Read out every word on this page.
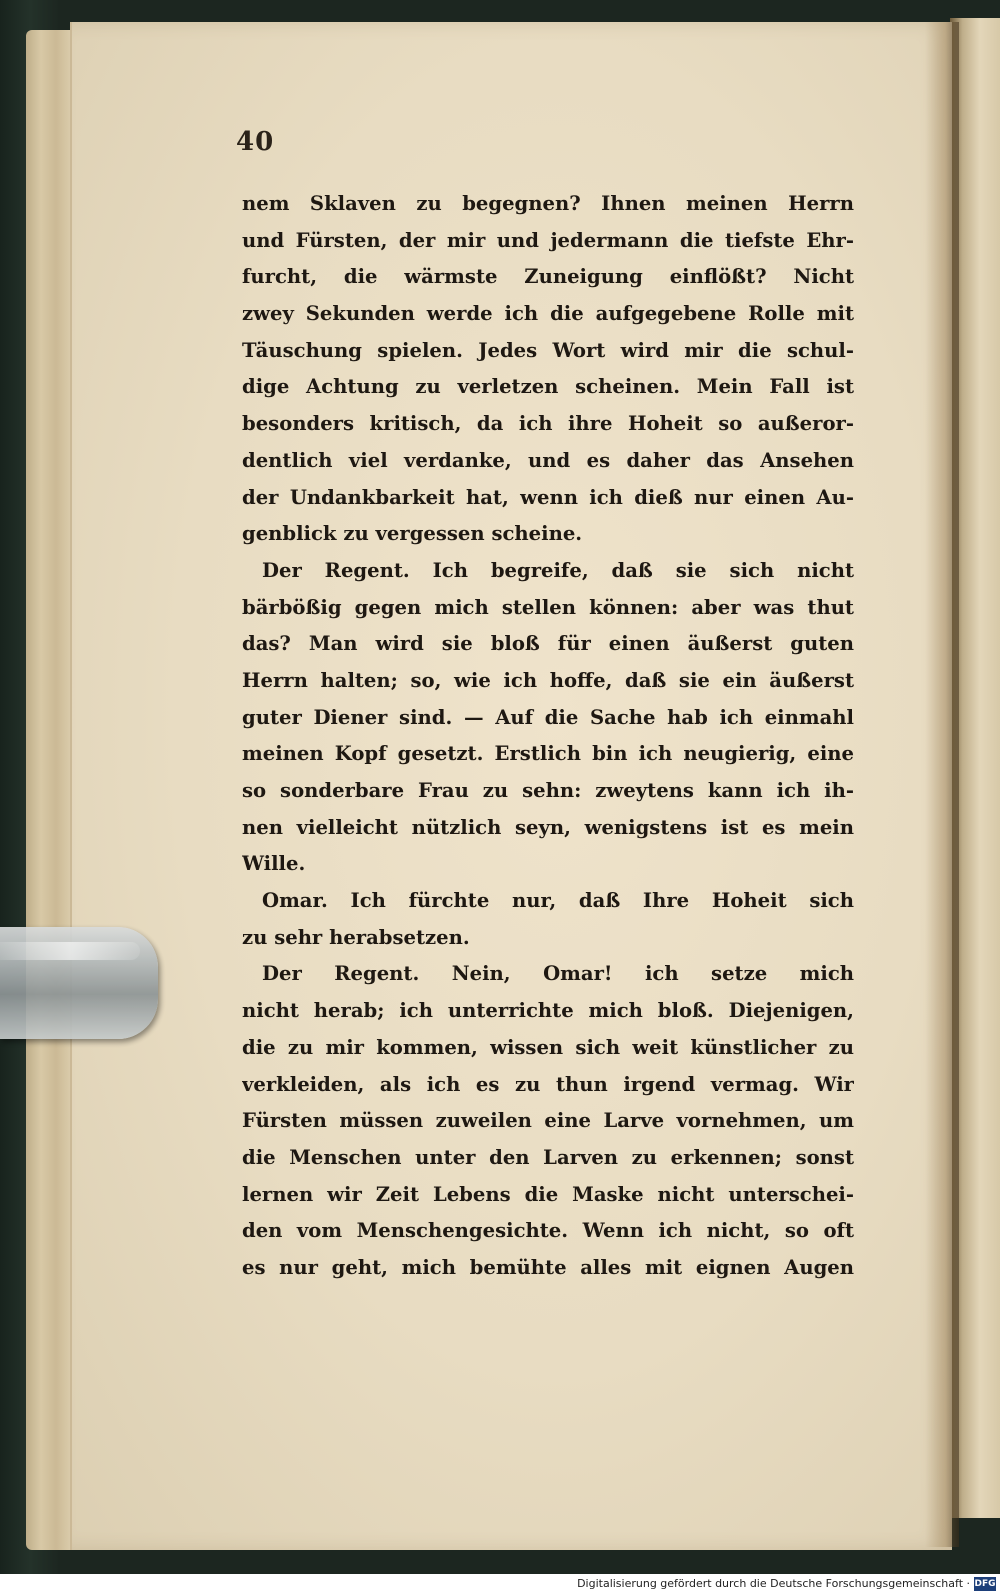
40
nem Sklaven zu begegnen? Ihnen meinen Herrn
und Fürsten, der mir und jedermann die tiefste Ehr-
furcht, die wärmste Zuneigung einflößt? Nicht
zwey Sekunden werde ich die aufgegebene Rolle mit
Täuschung spielen. Jedes Wort wird mir die schul-
dige Achtung zu verletzen scheinen. Mein Fall ist
besonders kritisch, da ich ihre Hoheit so außeror-
dentlich viel verdanke, und es daher das Ansehen
der Undankbarkeit hat, wenn ich dieß nur einen Au-
genblick zu vergessen scheine.
Der Regent. Ich begreife, daß sie sich nicht
bärbößig gegen mich stellen können: aber was thut
das? Man wird sie bloß für einen äußerst guten
Herrn halten; so, wie ich hoffe, daß sie ein äußerst
guter Diener sind. — Auf die Sache hab ich einmahl
meinen Kopf gesetzt. Erstlich bin ich neugierig, eine
so sonderbare Frau zu sehn: zweytens kann ich ih-
nen vielleicht nützlich seyn, wenigstens ist es mein
Wille.
Omar. Ich fürchte nur, daß Ihre Hoheit sich
zu sehr herabsetzen.
Der Regent. Nein, Omar! ich setze mich
nicht herab; ich unterrichte mich bloß. Diejenigen,
die zu mir kommen, wissen sich weit künstlicher zu
verkleiden, als ich es zu thun irgend vermag. Wir
Fürsten müssen zuweilen eine Larve vornehmen, um
die Menschen unter den Larven zu erkennen; sonst
lernen wir Zeit Lebens die Maske nicht unterschei-
den vom Menschengesichte. Wenn ich nicht, so oft
es nur geht, mich bemühte alles mit eignen Augen
Digitalisierung gefördert durch die Deutsche Forschungsgemeinschaft · DFG
